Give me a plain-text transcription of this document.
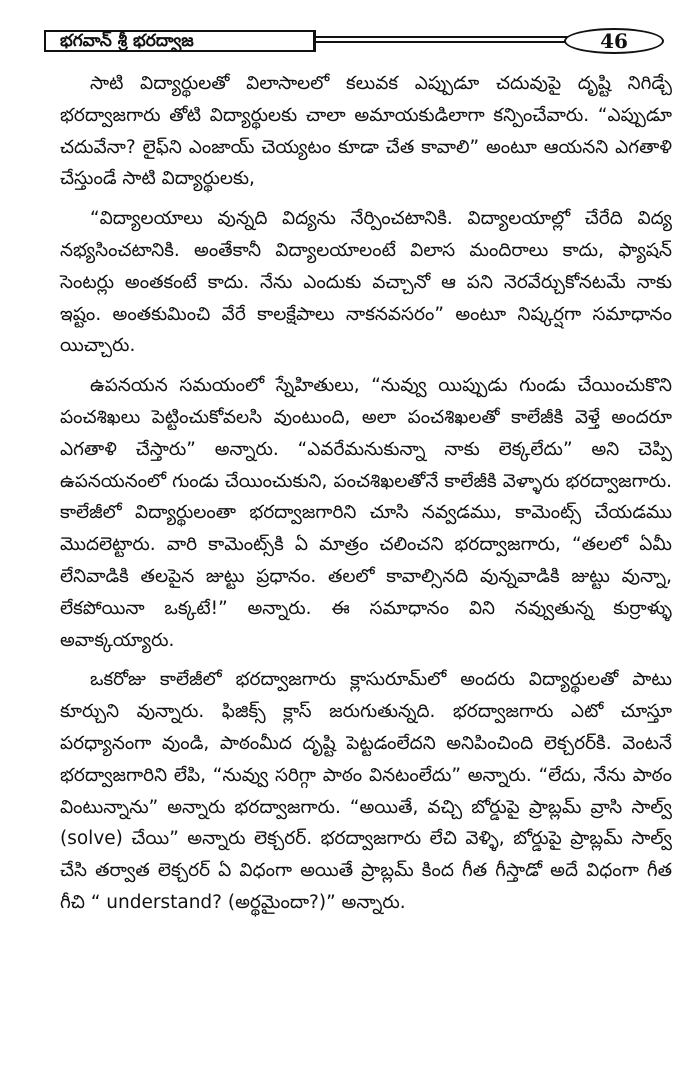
భగవాన్ శ్రీ భరద్వాజ	46

సాటి విద్యార్థులతో విలాసాలలో కలువక ఎప్పుడూ చదువుపై దృష్టి నిగిడ్చే భరద్వాజగారు తోటి విద్యార్థులకు చాలా అమాయకుడిలాగా కన్పించేవారు. “ఎప్పుడూ చదువేనా? లైఫ్‌ని ఎంజాయ్ చెయ్యటం కూడా చేత కావాలి” అంటూ ఆయనని ఎగతాళి చేస్తుండే సాటి విద్యార్థులకు,

“విద్యాలయాలు వున్నది విద్యను నేర్పించటానికి. విద్యాలయాల్లో చేరేది విద్య నభ్యసించటానికి. అంతేకానీ విద్యాలయాలంటే విలాస మందిరాలు కాదు, ఫ్యాషన్ సెంటర్లు అంతకంటే కాదు. నేను ఎందుకు వచ్చానో ఆ పని నెరవేర్చుకోనటమే నాకు ఇష్టం. అంతకుమించి వేరే కాలక్షేపాలు నాకనవసరం” అంటూ నిష్కర్షగా సమాధానం యిచ్చారు.

ఉపనయన సమయంలో స్నేహితులు, “నువ్వు యిప్పుడు గుండు చేయించుకొని పంచశిఖలు పెట్టించుకోవలసి వుంటుంది, అలా పంచశిఖలతో కాలేజీకి వెళ్తే అందరూ ఎగతాళి చేస్తారు” అన్నారు. “ఎవరేమనుకున్నా నాకు లెక్కలేదు” అని చెప్పి ఉపనయనంలో గుండు చేయించుకుని, పంచశిఖలతోనే కాలేజీకి వెళ్ళారు భరద్వాజగారు. కాలేజీలో విద్యార్థులంతా భరద్వాజగారిని చూసి నవ్వడము, కామెంట్స్ చేయడము మొదలెట్టారు. వారి కామెంట్స్‌కి ఏ మాత్రం చలించని భరద్వాజగారు, “తలలో ఏమీ లేనివాడికి తలపైన జుట్టు ప్రధానం. తలలో కావాల్సినది వున్నవాడికి జుట్టు వున్నా, లేకపోయినా ఒక్కటే!” అన్నారు. ఈ సమాధానం విని నవ్వుతున్న కుర్రాళ్ళు అవాక్కయ్యారు.

ఒకరోజు కాలేజీలో భరద్వాజగారు క్లాసురూమ్‌లో అందరు విద్యార్థులతో పాటు కూర్చుని వున్నారు. ఫిజిక్స్ క్లాస్ జరుగుతున్నది. భరద్వాజగారు ఎటో చూస్తూ పరధ్యానంగా వుండి, పాఠంమీద దృష్టి పెట్టడంలేదని అనిపించింది లెక్చరర్‌కి. వెంటనే భరద్వాజగారిని లేపి, “నువ్వు సరిగ్గా పాఠం వినటంలేదు” అన్నారు. “లేదు, నేను పాఠం వింటున్నాను” అన్నారు భరద్వాజగారు. “అయితే, వచ్చి బోర్డుపై ప్రాబ్లమ్ వ్రాసి సాల్వ్ (solve) చేయి” అన్నారు లెక్చరర్. భరద్వాజగారు లేచి వెళ్ళి, బోర్డుపై ప్రాబ్లమ్ సాల్వ్ చేసి తర్వాత లెక్చరర్ ఏ విధంగా అయితే ప్రాబ్లమ్ కింద గీత గీస్తాడో అదే విధంగా గీత గీచి “ understand? (అర్థమైందా?)” అన్నారు.
